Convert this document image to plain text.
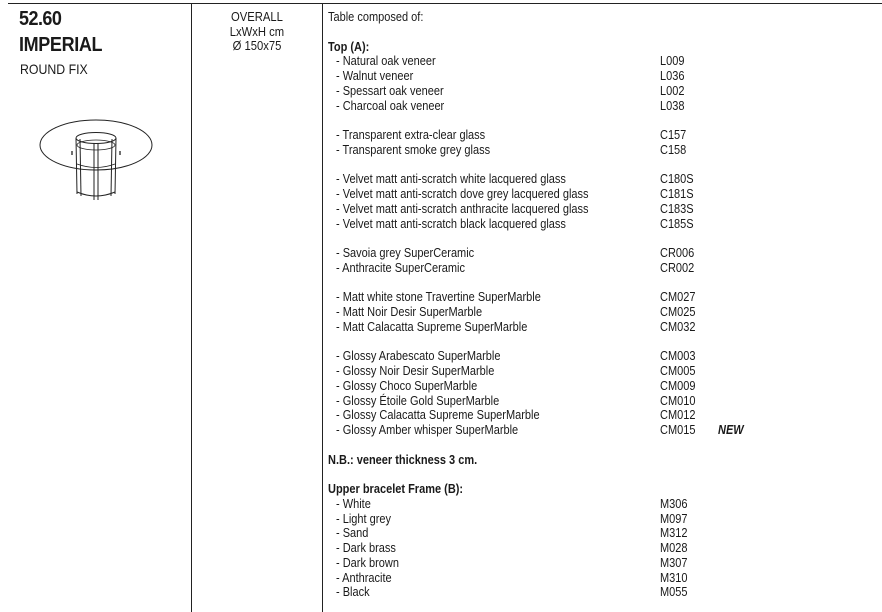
52.60
IMPERIAL
ROUND FIX
OVERALL
LxWxH cm
Ø 150x75
Table composed of:
Top (A):
- Natural oak veneer	L009
- Walnut veneer	L036
- Spessart oak veneer	L002
- Charcoal oak veneer	L038
- Transparent extra-clear glass	C157
- Transparent smoke grey glass	C158
- Velvet matt anti-scratch white lacquered glass	C180S
- Velvet matt anti-scratch dove grey lacquered glass	C181S
- Velvet matt anti-scratch anthracite lacquered glass	C183S
- Velvet matt anti-scratch black lacquered glass	C185S
- Savoia grey SuperCeramic	CR006
- Anthracite SuperCeramic	CR002
- Matt white stone Travertine SuperMarble	CM027
- Matt Noir Desir SuperMarble	CM025
- Matt Calacatta Supreme SuperMarble	CM032
- Glossy Arabescato SuperMarble	CM003
- Glossy Noir Desir SuperMarble	CM005
- Glossy Choco SuperMarble	CM009
- Glossy Étoile Gold SuperMarble	CM010
- Glossy Calacatta Supreme SuperMarble	CM012
- Glossy Amber whisper SuperMarble	CM015 NEW
N.B.: veneer thickness 3 cm.
Upper bracelet Frame (B):
- White	M306
- Light grey	M097
- Sand	M312
- Dark brass	M028
- Dark brown	M307
- Anthracite	M310
- Black	M055
